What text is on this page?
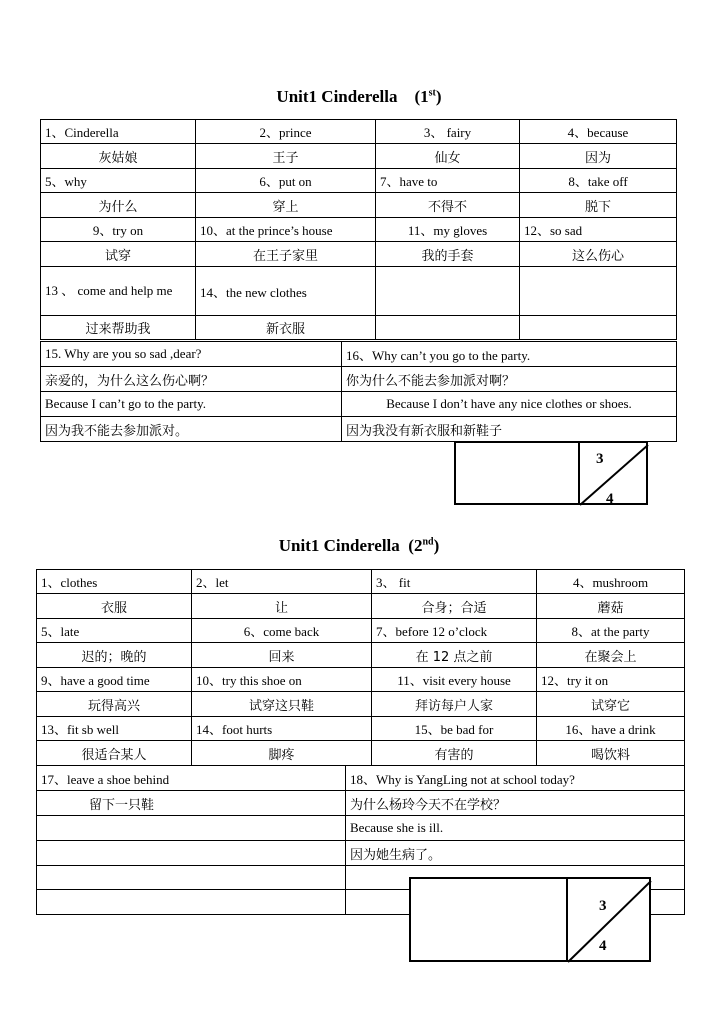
Unit1 Cinderella (1st)
1、Cinderella	2、prince	3、 fairy	4、because
灰姑娘	王子	仙女	因为
5、why	6、put on	7、have to	8、take off
为什么	穿上	不得不	脱下
9、try on	10、at the prince’s house	11、my gloves	12、so sad
试穿	在王子家里	我的手套	这么伤心
13 、 come and help me	14、the new clothes		
过来帮助我	新衣服		
15. Why are you so sad ,dear?	16、Why can’t you go to the party.
亲爱的，为什么这么伤心啊？	你为什么不能去参加派对啊？
Because I can’t go to the party.	Because I don’t have any nice clothes or shoes.
因为我不能去参加派对。	因为我没有新衣服和新鞋子
3
4
Unit1 Cinderella (2nd)
1、clothes	2、let	3、 fit	4、mushroom
衣服	让	合身；合适	蘑菇
5、late	6、come back	7、before 12 o’clock	8、at the party
迟的；晚的	回来	在 12 点之前	在聚会上
9、have a good time	10、try this shoe on	11、visit every house	12、try it on
玩得高兴	试穿这只鞋	拜访每户人家	试穿它
13、fit sb well	14、foot hurts	15、be bad for	16、have a drink
很适合某人	脚疼	有害的	喝饮料
17、leave a shoe behind	18、Why is YangLing not at school today?
留下一只鞋	为什么杨玲今天不在学校？
	Because she is ill.
	因为她生病了。

3
4
